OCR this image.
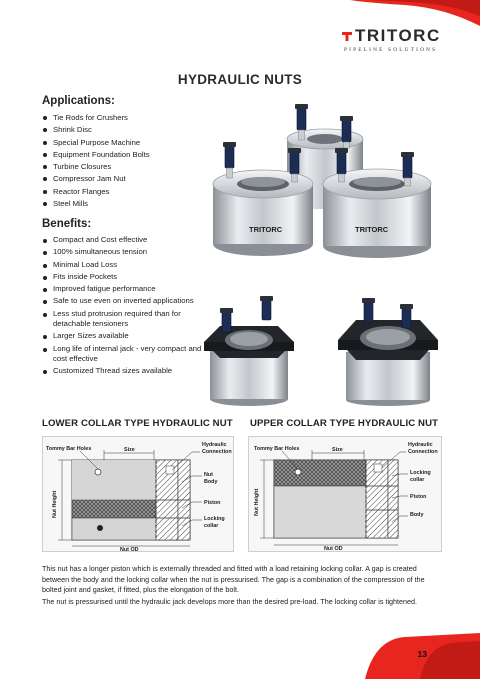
TRITORC
PIPELINE SOLUTIONS
HYDRAULIC NUTS
Applications:
Tie Rods for Crushers
Shrink Disc
Special Purpose Machine
Equipment Foundation Bolts
Turbine Closures
Compressor Jam Nut
Reactor Flanges
Steel Mills
Benefits:
Compact and Cost effective
100% simultaneous tension
Minimal Load Loss
Fits inside Pockets
Improved fatigue performance
Safe to use even on inverted applications
Less stud protrusion required than for detachable tensioners
Larger Sizes available
Long life of internal jack - very compact and cost effective
Customized Thread sizes available
TRITORC	TRITORC
LOWER COLLAR TYPE HYDRAULIC NUT UPPER COLLAR TYPE HYDRAULIC NUT
Tommy Bar Holes	Size
Hydraulic
Connection
Nut
Body
Piston
Locking
collar
Nut Height
Nut OD
Tommy Bar Holes	Size
Hydraulic
Connection
Locking
collar
Piston
Body
Nut Height
Nut OD

This nut has a longer piston which is externally threaded and fitted with a load retaining locking collar. A gap is created between the body and the locking collar when the nut is pressurised. The gap is a combination of the compression of the bolted joint and gasket, if fitted, plus the elongation of the bolt.

The nut is pressurised until the hydraulic jack develops more than the desired pre-load. The locking collar is tightened.

13
